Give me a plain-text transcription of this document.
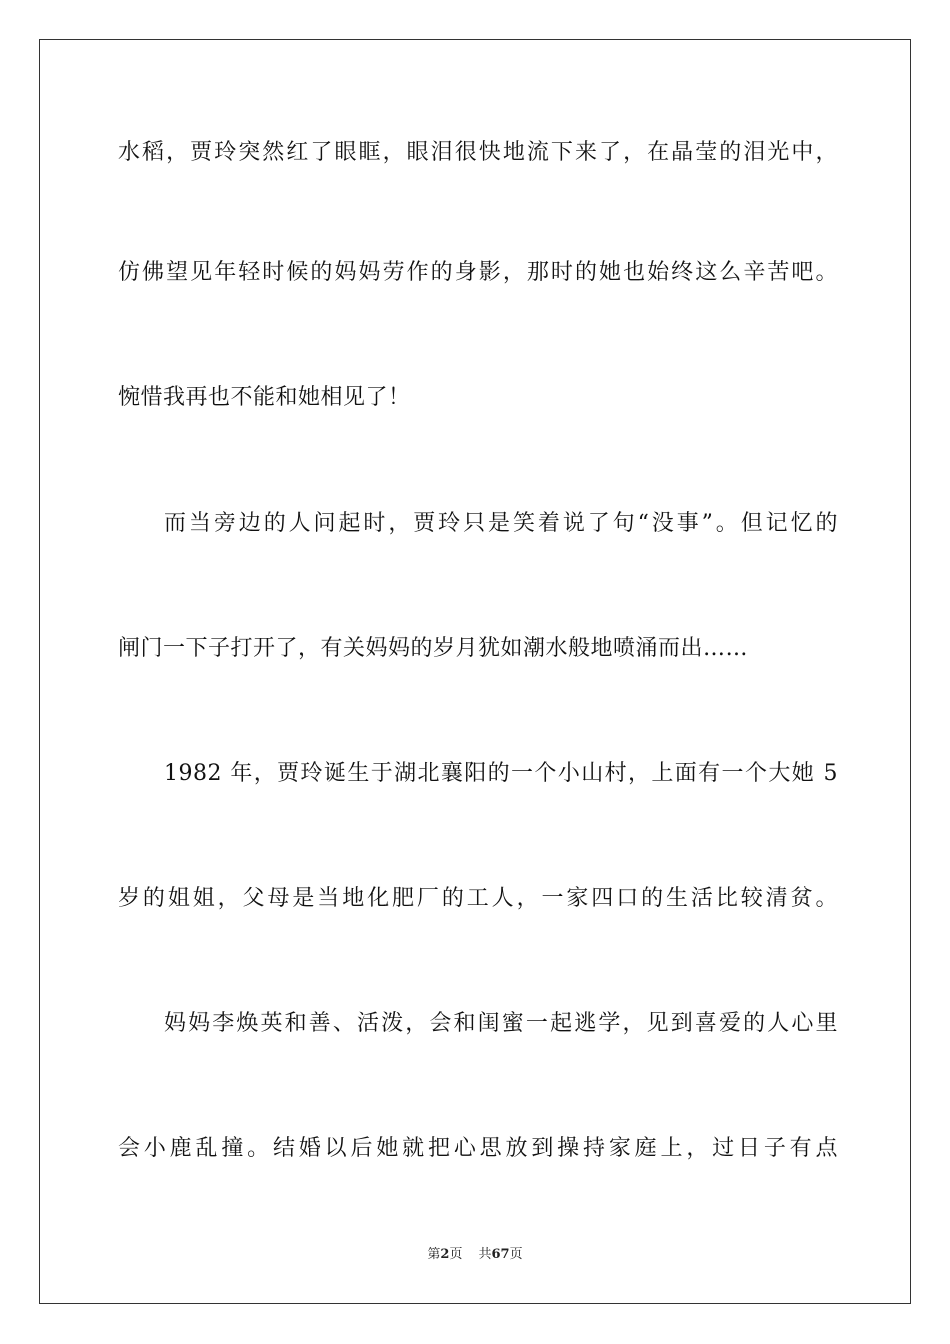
水稻，贾玲突然红了眼眶，眼泪很快地流下来了，在晶莹的泪光中，
仿佛望见年轻时候的妈妈劳作的身影，那时的她也始终这么辛苦吧。
惋惜我再也不能和她相见了！
而当旁边的人问起时，贾玲只是笑着说了句“没事”。但记忆的
闸门一下子打开了，有关妈妈的岁月犹如潮水般地喷涌而出……
1982 年，贾玲诞生于湖北襄阳的一个小山村，上面有一个大她 5
岁的姐姐，父母是当地化肥厂的工人，一家四口的生活比较清贫。
妈妈李焕英和善、活泼，会和闺蜜一起逃学，见到喜爱的人心里
会小鹿乱撞。结婚以后她就把心思放到操持家庭上，过日子有点
第2页 共67页
